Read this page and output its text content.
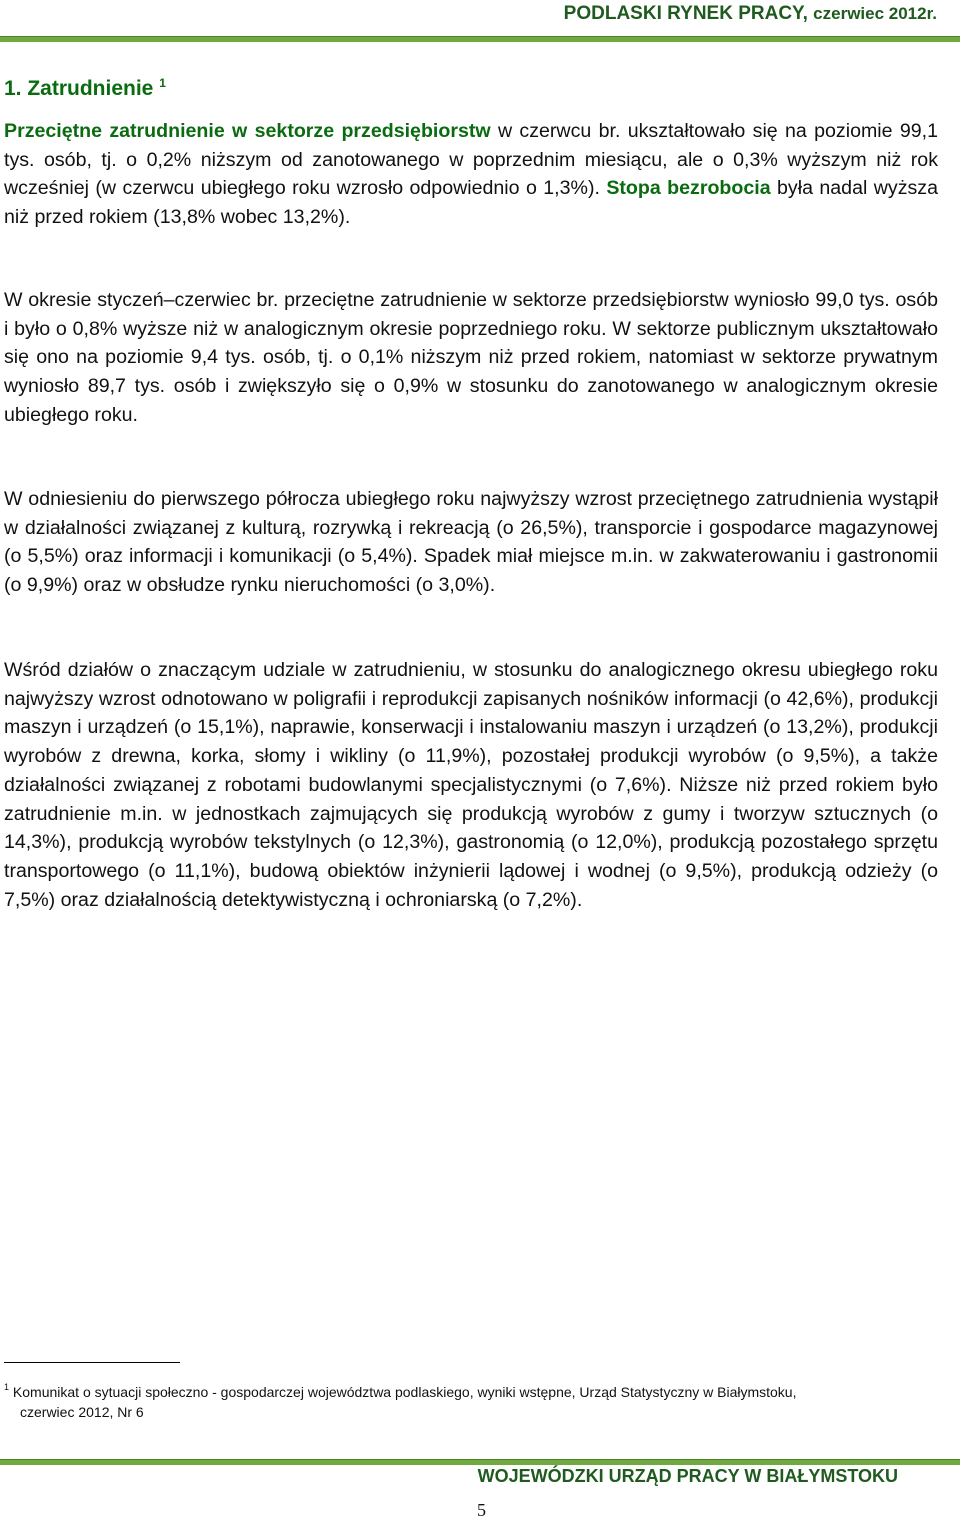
PODLASKI RYNEK PRACY, czerwiec 2012r.
1. Zatrudnienie $^1$
Przeciętne zatrudnienie w sektorze przedsiębiorstw w czerwcu br. ukształtowało się na poziomie 99,1 tys. osób, tj. o 0,2% niższym od zanotowanego w poprzednim miesiącu, ale o 0,3% wyższym niż rok wcześniej (w czerwcu ubiegłego roku wzrosło odpowiednio o 1,3%). Stopa bezrobocia była nadal wyższa niż przed rokiem (13,8% wobec 13,2%).
W okresie styczeń–czerwiec br. przeciętne zatrudnienie w sektorze przedsiębiorstw wyniosło 99,0 tys. osób i było o 0,8% wyższe niż w analogicznym okresie poprzedniego roku. W sektorze publicznym ukształtowało się ono na poziomie 9,4 tys. osób, tj. o 0,1% niższym niż przed rokiem, natomiast w sektorze prywatnym wyniosło 89,7 tys. osób i zwiększyło się o 0,9% w stosunku do zanotowanego w analogicznym okresie ubiegłego roku.
W odniesieniu do pierwszego półrocza ubiegłego roku najwyższy wzrost przeciętnego zatrudnienia wystąpił w działalności związanej z kulturą, rozrywką i rekreacją (o 26,5%), transporcie i gospodarce magazynowej (o 5,5%) oraz informacji i komunikacji (o 5,4%). Spadek miał miejsce m.in. w zakwaterowaniu i gastronomii (o 9,9%) oraz w obsłudze rynku nieruchomości (o 3,0%).
Wśród działów o znaczącym udziale w zatrudnieniu, w stosunku do analogicznego okresu ubiegłego roku najwyższy wzrost odnotowano w poligrafii i reprodukcji zapisanych nośników informacji (o 42,6%), produkcji maszyn i urządzeń (o 15,1%), naprawie, konserwacji i instalowaniu maszyn i urządzeń (o 13,2%), produkcji wyrobów z drewna, korka, słomy i wikliny (o 11,9%), pozostałej produkcji wyrobów (o 9,5%), a także działalności związanej z robotami budowlanymi specjalistycznymi (o 7,6%). Niższe niż przed rokiem było zatrudnienie m.in. w jednostkach zajmujących się produkcją wyrobów z gumy i tworzyw sztucznych (o 14,3%), produkcją wyrobów tekstylnych (o 12,3%), gastronomią (o 12,0%), produkcją pozostałego sprzętu transportowego (o 11,1%), budową obiektów inżynierii lądowej i wodnej (o 9,5%), produkcją odzieży (o 7,5%) oraz działalnością detektywistyczną i ochroniarską (o 7,2%).
$^1$ Komunikat o sytuacji społeczno - gospodarczej województwa podlaskiego, wyniki wstępne, Urząd Statystyczny w Białymstoku,
czerwiec 2012, Nr 6
WOJEWÓDZKI URZĄD PRACY W BIAŁYMSTOKU
5
